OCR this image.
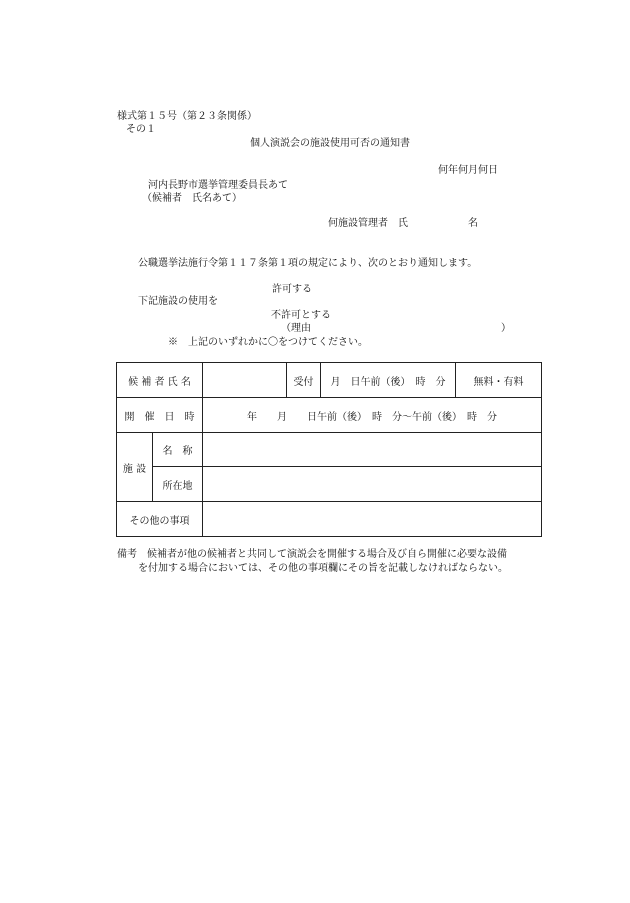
様式第１５号（第２３条関係）
その１
個人演説会の施設使用可否の通知書
何年何月何日
河内長野市選挙管理委員長あて
（候補者　氏名あて）
何施設管理者　氏　　　　　　名
公職選挙法施行令第１１７条第１項の規定により、次のとおり通知します。
許可する
下記施設の使用を
不許可とする
（理由　　　　　　　　　　　　　　　　　　　）
※　上記のいずれかに〇をつけてください。
候 補 者 氏 名			受付	月　日午前（後）　時　分	無料・有料
開　催　日　時		年　　月　　日午前（後）　時　分～午前（後）　時　分			
施 設	名　称				
	所在地				
その他の事項					
備考　候補者が他の候補者と共同して演説会を開催する場合及び自ら開催に必要な設備
を付加する場合においては、その他の事項欄にその旨を記載しなければならない。
